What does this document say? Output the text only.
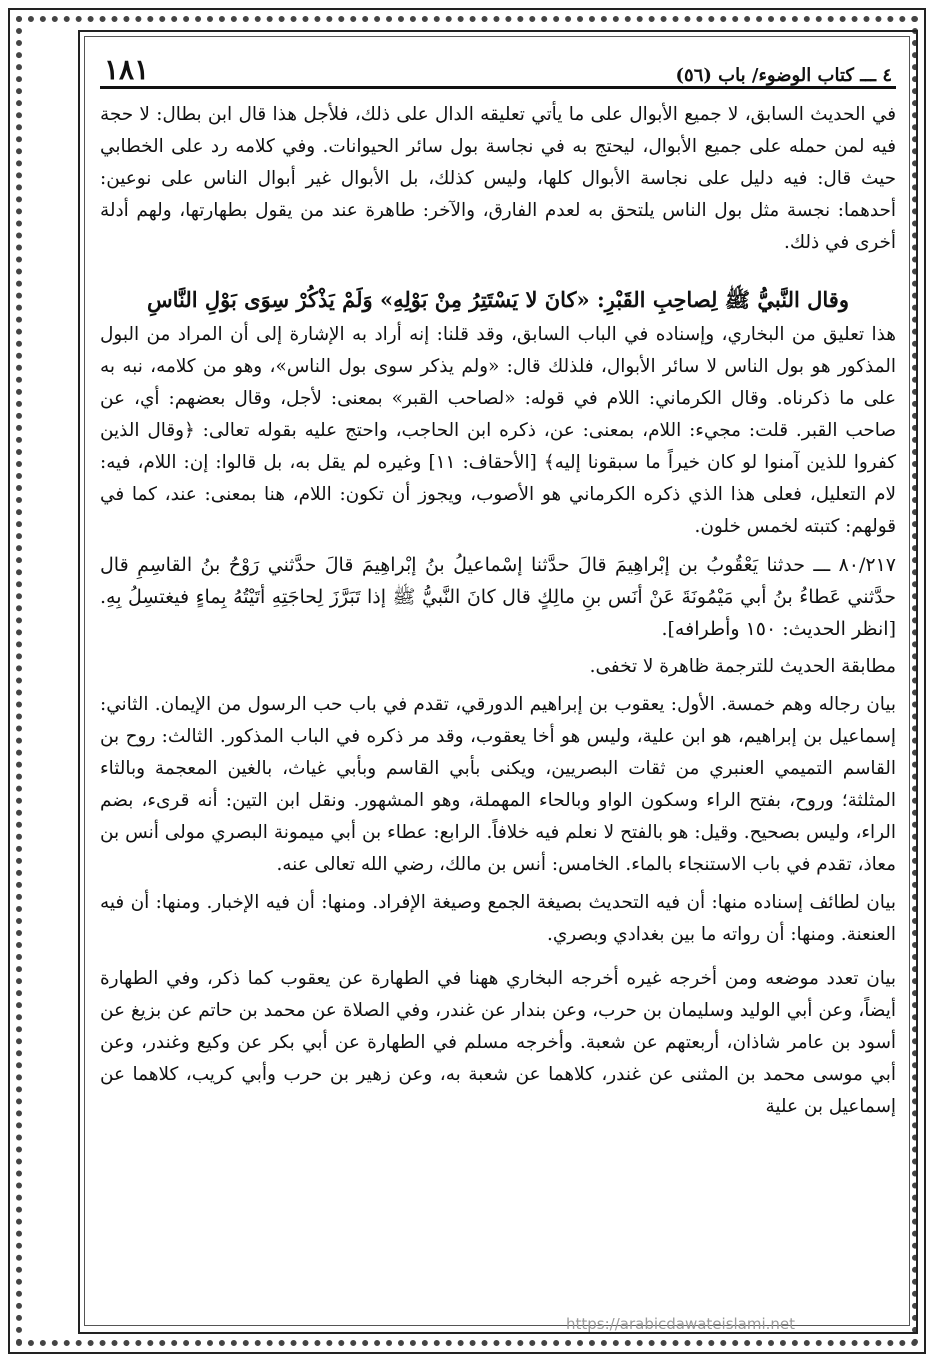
٤ ـــ كتاب الوضوء/ باب (٥٦)
١٨١

في الحديث السابق، لا جميع الأبوال على ما يأتي تعليقه الدال على ذلك، فلأجل هذا قال ابن بطال: لا حجة فيه لمن حمله على جميع الأبوال، ليحتج به في نجاسة بول سائر الحيوانات. وفي كلامه رد على الخطابي حيث قال: فيه دليل على نجاسة الأبوال كلها، وليس كذلك، بل الأبوال غير أبوال الناس على نوعين: أحدهما: نجسة مثل بول الناس يلتحق به لعدم الفارق، والآخر: طاهرة عند من يقول بطهارتها، ولهم أدلة أخرى في ذلك.

وقال النَّبيُّ ﷺ لِصاحِبِ القَبْرِ: «كانَ لا يَسْتَتِرُ مِنْ بَوْلِهِ» وَلَمْ يَذْكُرْ سِوَى بَوْلِ النَّاسِ

هذا تعليق من البخاري، وإسناده في الباب السابق، وقد قلنا: إنه أراد به الإشارة إلى أن المراد من البول المذكور هو بول الناس لا سائر الأبوال، فلذلك قال: «ولم يذكر سوى بول الناس»، وهو من كلامه، نبه به على ما ذكرناه. وقال الكرماني: اللام في قوله: «لصاحب القبر» بمعنى: لأجل، وقال بعضهم: أي، عن صاحب القبر. قلت: مجيء: اللام، بمعنى: عن، ذكره ابن الحاجب، واحتج عليه بقوله تعالى: ﴿وقال الذين كفروا للذين آمنوا لو كان خيراً ما سبقونا إليه﴾ [الأحقاف: ١١] وغيره لم يقل به، بل قالوا: إن: اللام، فيه: لام التعليل، فعلى هذا الذي ذكره الكرماني هو الأصوب، ويجوز أن تكون: اللام، هنا بمعنى: عند، كما في قولهم: كتبته لخمس خلون.

٨٠/٢١٧ ـــ حدثنا يَعْقُوبُ بن إبْراهِيمَ قالَ حدَّثنا إسْماعيلُ بنُ إبْراهِيمَ قالَ حدَّثني رَوْحُ بنُ القاسِمِ قال حدَّثني عَطاءُ بنُ أبي مَيْمُونَةَ عَنْ أنَس بنِ مالِكٍ قال كانَ النَّبيُّ ﷺ إذا تَبَرَّزَ لِحاجَتِهِ أتَيْتُهُ بِماءٍ فيغتسِلُ بِهِ. [انظر الحديث: ١٥٠ وأطرافه].

مطابقة الحديث للترجمة ظاهرة لا تخفى.

بيان رجاله وهم خمسة. الأول: يعقوب بن إبراهيم الدورقي، تقدم في باب حب الرسول من الإيمان. الثاني: إسماعيل بن إبراهيم، هو ابن علية، وليس هو أخا يعقوب، وقد مر ذكره في الباب المذكور. الثالث: روح بن القاسم التميمي العنبري من ثقات البصريين، ويكنى بأبي القاسم وبأبي غياث، بالغين المعجمة وبالثاء المثلثة؛ وروح، بفتح الراء وسكون الواو وبالحاء المهملة، وهو المشهور. ونقل ابن التين: أنه قرىء، بضم الراء، وليس بصحيح. وقيل: هو بالفتح لا نعلم فيه خلافاً. الرابع: عطاء بن أبي ميمونة البصري مولى أنس بن معاذ، تقدم في باب الاستنجاء بالماء. الخامس: أنس بن مالك، رضي الله تعالى عنه.

بيان لطائف إسناده منها: أن فيه التحديث بصيغة الجمع وصيغة الإفراد. ومنها: أن فيه الإخبار. ومنها: أن فيه العنعنة. ومنها: أن رواته ما بين بغدادي وبصري.

بيان تعدد موضعه ومن أخرجه غيره أخرجه البخاري ههنا في الطهارة عن يعقوب كما ذكر، وفي الطهارة أيضاً، وعن أبي الوليد وسليمان بن حرب، وعن بندار عن غندر، وفي الصلاة عن محمد بن حاتم عن بزيغ عن أسود بن عامر شاذان، أربعتهم عن شعبة. وأخرجه مسلم في الطهارة عن أبي بكر عن وكيع وغندر، وعن أبي موسى محمد بن المثنى عن غندر، كلاهما عن شعبة به، وعن زهير بن حرب وأبي كريب، كلاهما عن إسماعيل بن علية

https://arabicdawateislami.net
